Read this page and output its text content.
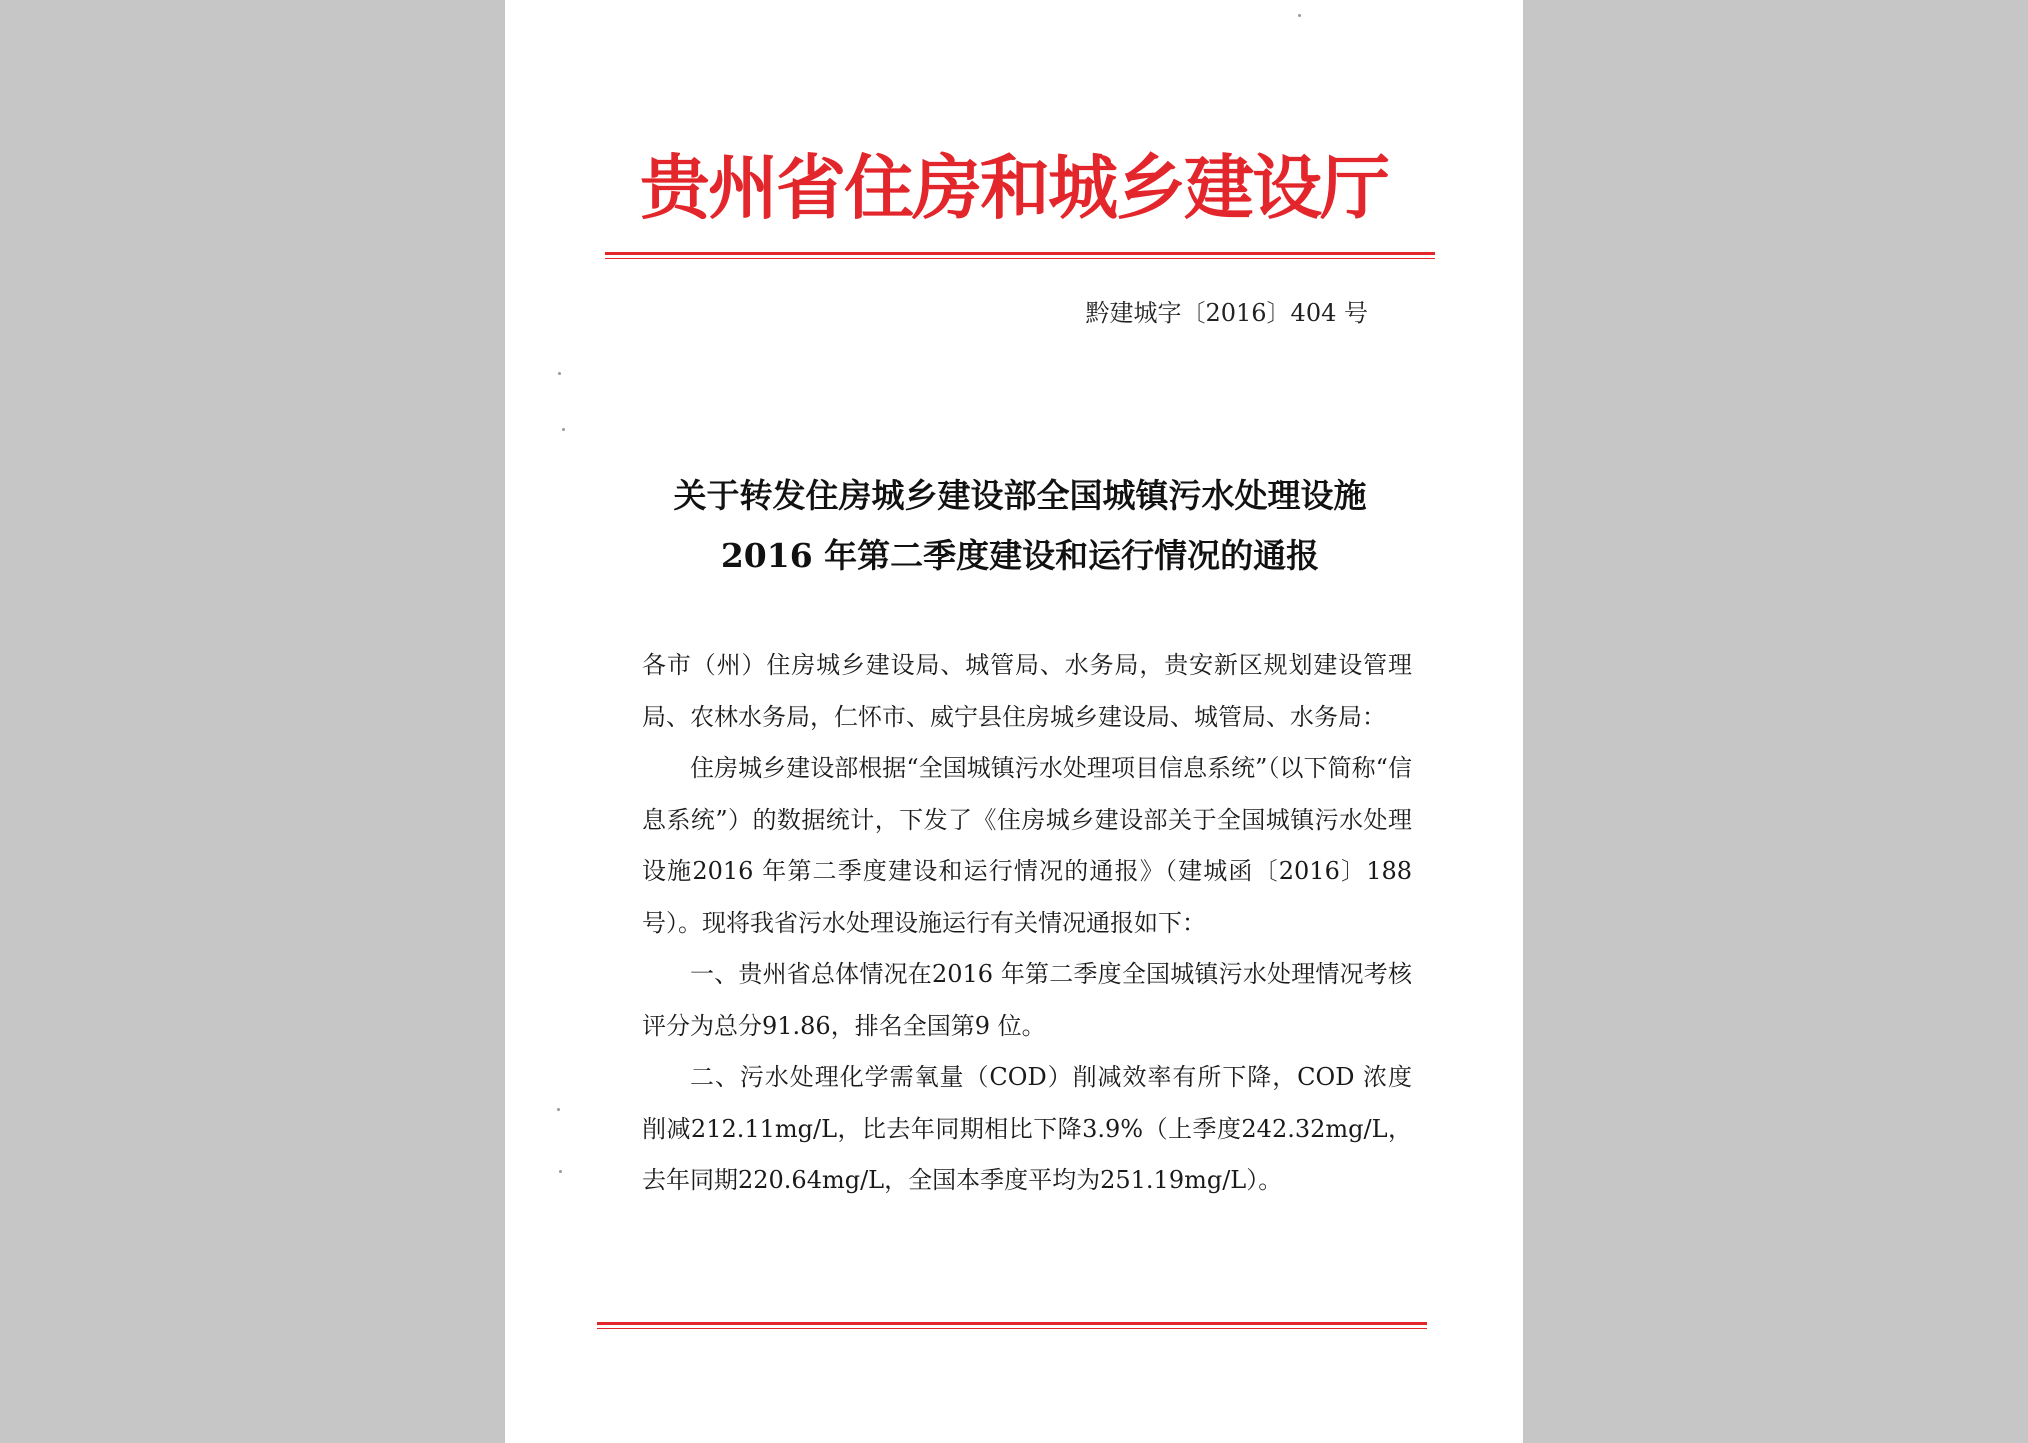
贵州省住房和城乡建设厅
黔建城字〔2016〕404 号
关于转发住房城乡建设部全国城镇污水处理设施
2016 年第二季度建设和运行情况的通报

各市（州）住房城乡建设局、城管局、水务局，贵安新区规划建设管理局、农林水务局，仁怀市、威宁县住房城乡建设局、城管局、水务局：

住房城乡建设部根据“全国城镇污水处理项目信息系统”（以下简称“信息系统”）的数据统计，下发了《住房城乡建设部关于全国城镇污水处理设施2016 年第二季度建设和运行情况的通报》（建城函〔2016〕188 号）。现将我省污水处理设施运行有关情况通报如下：

一、贵州省总体情况在2016 年第二季度全国城镇污水处理情况考核评分为总分91.86，排名全国第9 位。

二、污水处理化学需氧量（COD）削减效率有所下降，COD 浓度削减212.11mg/L，比去年同期相比下降3.9%（上季度242.32mg/L，去年同期220.64mg/L，全国本季度平均为251.19mg/L）。
